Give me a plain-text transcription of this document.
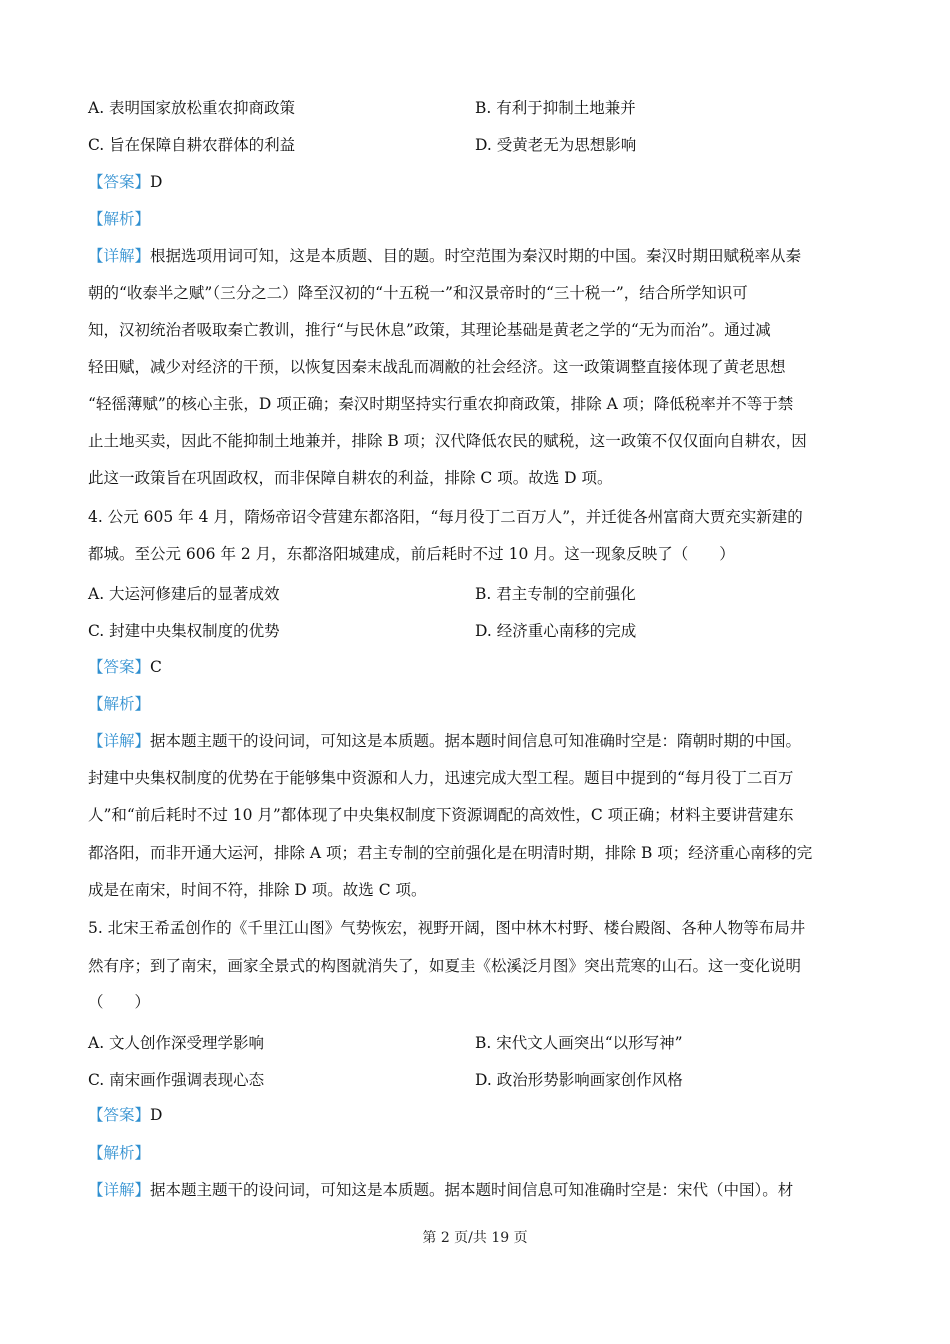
A. 表明国家放松重农抑商政策	B. 有利于抑制土地兼并
C. 旨在保障自耕农群体的利益	D. 受黄老无为思想影响
【答案】D
【解析】
【详解】根据选项用词可知，这是本质题、目的题。时空范围为秦汉时期的中国。秦汉时期田赋税率从秦
朝的“收泰半之赋”（三分之二）降至汉初的“十五税一”和汉景帝时的“三十税一”，结合所学知识可
知，汉初统治者吸取秦亡教训，推行“与民休息”政策，其理论基础是黄老之学的“无为而治”。通过减
轻田赋，减少对经济的干预，以恢复因秦末战乱而凋敝的社会经济。这一政策调整直接体现了黄老思想
“轻徭薄赋”的核心主张，D 项正确；秦汉时期坚持实行重农抑商政策，排除 A 项；降低税率并不等于禁
止土地买卖，因此不能抑制土地兼并，排除 B 项；汉代降低农民的赋税，这一政策不仅仅面向自耕农，因
此这一政策旨在巩固政权，而非保障自耕农的利益，排除 C 项。故选 D 项。
4. 公元 605 年 4 月，隋炀帝诏令营建东都洛阳，“每月役丁二百万人”，并迁徙各州富商大贾充实新建的
都城。至公元 606 年 2 月，东都洛阳城建成，前后耗时不过 10 月。这一现象反映了（　　）
A. 大运河修建后的显著成效	B. 君主专制的空前强化
C. 封建中央集权制度的优势	D. 经济重心南移的完成
【答案】C
【解析】
【详解】据本题主题干的设问词，可知这是本质题。据本题时间信息可知准确时空是：隋朝时期的中国。
封建中央集权制度的优势在于能够集中资源和人力，迅速完成大型工程。题目中提到的“每月役丁二百万
人”和“前后耗时不过 10 月”都体现了中央集权制度下资源调配的高效性，C 项正确；材料主要讲营建东
都洛阳，而非开通大运河，排除 A 项；君主专制的空前强化是在明清时期，排除 B 项；经济重心南移的完
成是在南宋，时间不符，排除 D 项。故选 C 项。
5. 北宋王希孟创作的《千里江山图》气势恢宏，视野开阔，图中林木村野、楼台殿阁、各种人物等布局井
然有序；到了南宋，画家全景式的构图就消失了，如夏圭《松溪泛月图》突出荒寒的山石。这一变化说明
（　　）
A. 文人创作深受理学影响	B. 宋代文人画突出“以形写神”
C. 南宋画作强调表现心态	D. 政治形势影响画家创作风格
【答案】D
【解析】
【详解】据本题主题干的设问词，可知这是本质题。据本题时间信息可知准确时空是：宋代（中国）。材
第 2 页/共 19 页
